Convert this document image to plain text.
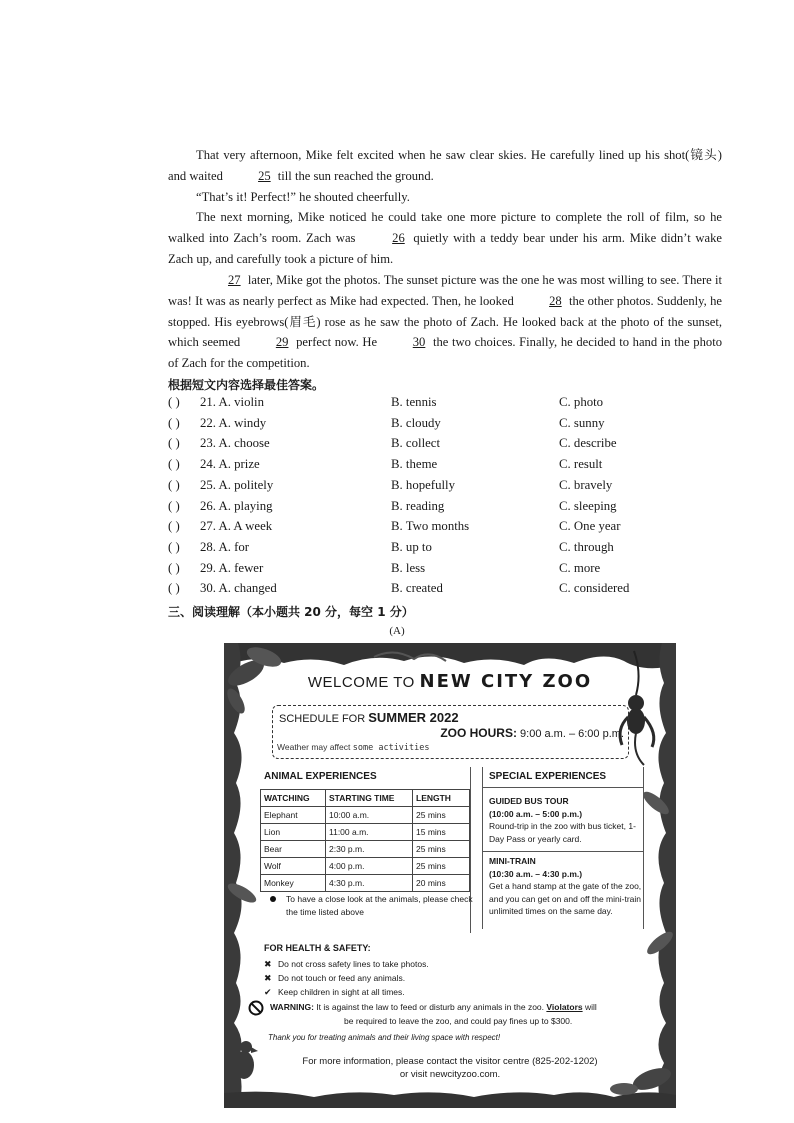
That very afternoon, Mike felt excited when he saw clear skies. He carefully lined up his shot(镜头) and waited	25 till the sun reached the ground.
“That’s it! Perfect!” he shouted cheerfully.
The next morning, Mike noticed he could take one more picture to complete the roll of film, so he walked into Zach’s room. Zach was	26 quietly with a teddy bear under his arm. Mike didn’t wake Zach up, and carefully took a picture of him.
27 later, Mike got the photos. The sunset picture was the one he was most willing to see. There it was! It was as nearly perfect as Mike had expected. Then, he looked	28 the other photos. Suddenly, he stopped. His eyebrows(眉毛) rose as he saw the photo of Zach. He looked back at the photo of the sunset, which seemed	29 perfect now. He	30 the two choices. Finally, he decided to hand in the photo of Zach for the competition.
根据短文内容选择最佳答案。
( ) 21. A. violin	B. tennis	C. photo
( ) 22. A. windy	B. cloudy	C. sunny
( ) 23. A. choose	B. collect	C. describe
( ) 24. A. prize	B. theme	C. result
( ) 25. A. politely	B. hopefully	C. bravely
( ) 26. A. playing	B. reading	C. sleeping
( ) 27. A. A week	B. Two months	C. One year
( ) 28. A. for	B. up to	C. through
( ) 29. A. fewer	B. less	C. more
( ) 30. A. changed	B. created	C. considered
三、阅读理解（本小题共 20 分，每空 1 分）
(A)
WELCOME TO NEW CITY ZOO
SCHEDULE FOR SUMMER 2022
ZOO HOURS: 9:00 a.m. – 6:00 p.m.
Weather may affect some activities
ANIMAL EXPERIENCES
WATCHING	STARTING TIME	LENGTH
Elephant	10:00 a.m.	25 mins
Lion	11:00 a.m.	15 mins
Bear	2:30 p.m.	25 mins
Wolf	4:00 p.m.	25 mins
Monkey	4:30 p.m.	20 mins
To have a close look at the animals, please check the time listed above
SPECIAL EXPERIENCES
GUIDED BUS TOUR
(10:00 a.m. – 5:00 p.m.)
Round-trip in the zoo with bus ticket, 1-Day Pass or yearly card.
MINI-TRAIN
(10:30 a.m. – 4:30 p.m.)
Get a hand stamp at the gate of the zoo, and you can get on and off the mini-train unlimited times on the same day.
FOR HEALTH & SAFETY:
✖ Do not cross safety lines to take photos.
✖ Do not touch or feed any animals.
✔ Keep children in sight at all times.
WARNING: It is against the law to feed or disturb any animals in the zoo. Violators will
be required to leave the zoo, and could pay fines up to $300.
Thank you for treating animals and their living space with respect!
For more information, please contact the visitor centre (825-202-1202)
or visit newcityzoo.com.
